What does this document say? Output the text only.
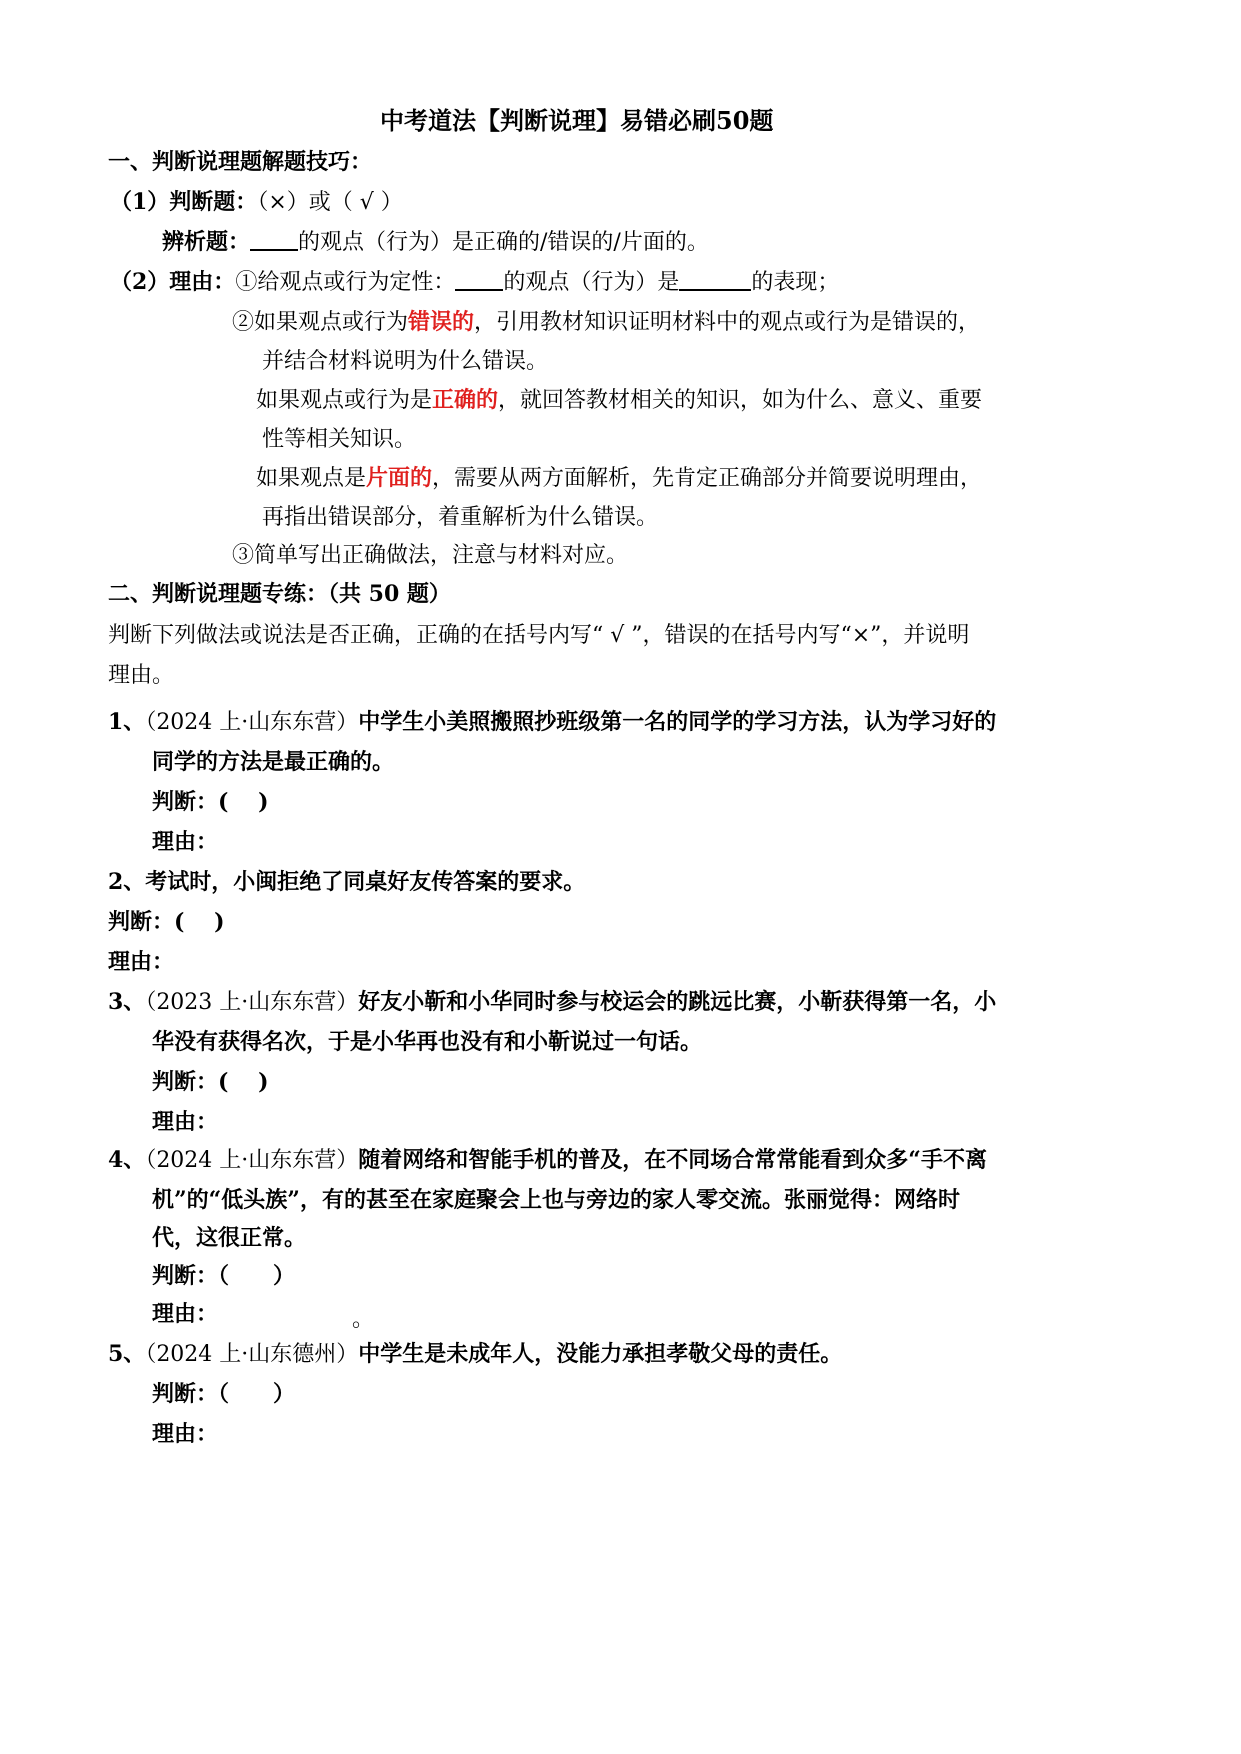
中考道法【判断说理】易错必刷50题
一、判断说理题解题技巧：
（1）判断题：（×）或（ √ ）
辨析题： 的观点（行为）是正确的/错误的/片面的。
（2）理由：①给观点或行为定性： 的观点（行为）是	的表现；
②如果观点或行为错误的，引用教材知识证明材料中的观点或行为是错误的，
并结合材料说明为什么错误。
如果观点或行为是正确的，就回答教材相关的知识，如为什么、意义、重要
性等相关知识。
如果观点是片面的，需要从两方面解析，先肯定正确部分并简要说明理由，
再指出错误部分，着重解析为什么错误。
③简单写出正确做法，注意与材料对应。
二、判断说理题专练：（共 50 题）
判断下列做法或说法是否正确，正确的在括号内写“ √ ”，错误的在括号内写“×”，并说明
理由。
1、（2024 上·山东东营）中学生小美照搬照抄班级第一名的同学的学习方法，认为学习好的
同学的方法是最正确的。
判断：(　 )
理由：
2、考试时，小闽拒绝了同桌好友传答案的要求。
判断：(　 )
理由：
3、（2023 上·山东东营）好友小靳和小华同时参与校运会的跳远比赛，小靳获得第一名，小
华没有获得名次，于是小华再也没有和小靳说过一句话。
判断：(　 )
理由：
4、（2024 上·山东东营）随着网络和智能手机的普及，在不同场合常常能看到众多“手不离
机”的“低头族”，有的甚至在家庭聚会上也与旁边的家人零交流。张丽觉得：网络时
代，这很正常。
判断：（　　）
理由：	。
5、（2024 上·山东德州）中学生是未成年人，没能力承担孝敬父母的责任。
判断：（　　）
理由：
